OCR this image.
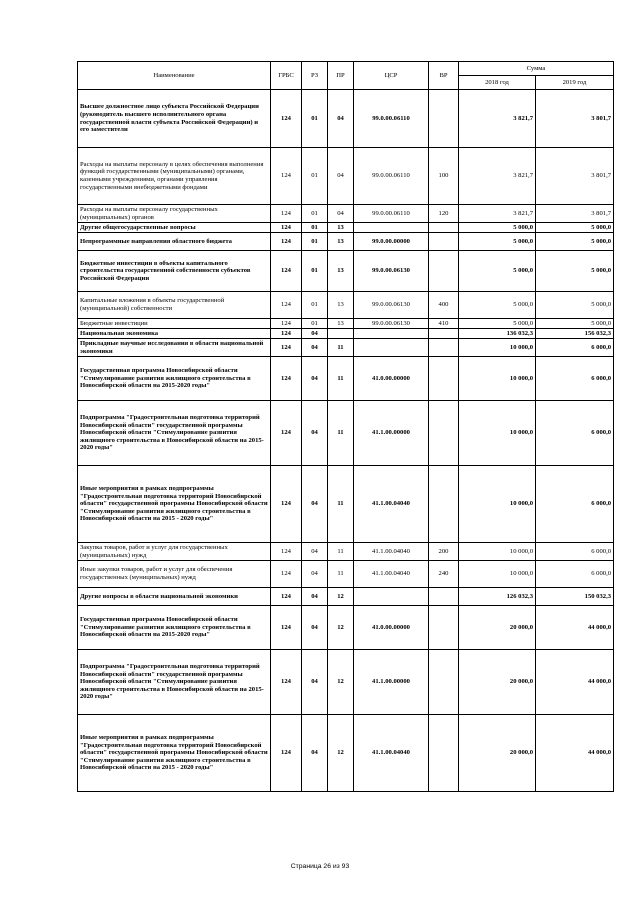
Наименование	ГРБС	РЗ	ПР	ЦСР	ВР	Сумма	
						2018 год	2019 год
Высшее должностное лицо субъекта Российской Федерации (руководитель высшего исполнительного органа государственной власти субъекта Российской Федерации) и его заместители	124	01	04	99.0.00.06110		3 821,7	3 801,7
Расходы на выплаты персоналу в целях обеспечения выполнения функций государственными (муниципальными) органами, казенными учреждениями, органами управления государственными внебюджетными фондами	124	01	04	99.0.00.06110	100	3 821,7	3 801,7
Расходы на выплаты персоналу государственных (муниципальных) органов	124	01	04	99.0.00.06110	120	3 821,7	3 801,7
Другие общегосударственные вопросы	124	01	13			5 000,0	5 000,0
Непрограммные направления областного бюджета	124	01	13	99.0.00.00000		5 000,0	5 000,0
Бюджетные инвестиции в объекты капитального строительства государственной собственности субъектов Российской Федерации	124	01	13	99.0.00.06130		5 000,0	5 000,0
Капитальные вложения в объекты государственной (муниципальной) собственности	124	01	13	99.0.00.06130	400	5 000,0	5 000,0
Бюджетные инвестиции	124	01	13	99.0.00.06130	410	5 000,0	5 000,0
Национальная экономика	124	04				136 032,3	156 032,3
Прикладные научные исследования в области национальной экономики	124	04	11			10 000,0	6 000,0
Государственная программа Новосибирской области "Стимулирование развития жилищного строительства в Новосибирской области на 2015-2020 годы"	124	04	11	41.0.00.00000		10 000,0	6 000,0
Подпрограмма "Градостроительная подготовка территорий Новосибирской области" государственной программы Новосибирской области "Стимулирование развития жилищного строительства в Новосибирской области на 2015-2020 годы"	124	04	11	41.1.00.00000		10 000,0	6 000,0
Иные мероприятия в рамках подпрограммы "Градостроительная подготовка территорий Новосибирской области" государственной программы Новосибирской области "Стимулирование развития жилищного строительства в Новосибирской области на 2015 - 2020 годы"	124	04	11	41.1.00.04040		10 000,0	6 000,0
Закупка товаров, работ и услуг для государственных (муниципальных) нужд	124	04	11	41.1.00.04040	200	10 000,0	6 000,0
Иные закупки товаров, работ и услуг для обеспечения государственных (муниципальных) нужд	124	04	11	41.1.00.04040	240	10 000,0	6 000,0
Другие вопросы в области национальной экономики	124	04	12			126 032,3	150 032,3
Государственная программа Новосибирской области "Стимулирование развития жилищного строительства в Новосибирской области на 2015-2020 годы"	124	04	12	41.0.00.00000		20 000,0	44 000,0
Подпрограмма "Градостроительная подготовка территорий Новосибирской области" государственной программы Новосибирской области "Стимулирование развития жилищного строительства в Новосибирской области на 2015-2020 годы"	124	04	12	41.1.00.00000		20 000,0	44 000,0
Иные мероприятия в рамках подпрограммы "Градостроительная подготовка территорий Новосибирской области" государственной программы Новосибирской области "Стимулирование развития жилищного строительства в Новосибирской области на 2015 - 2020 годы"	124	04	12	41.1.00.04040		20 000,0	44 000,0
Страница 26 из 93
